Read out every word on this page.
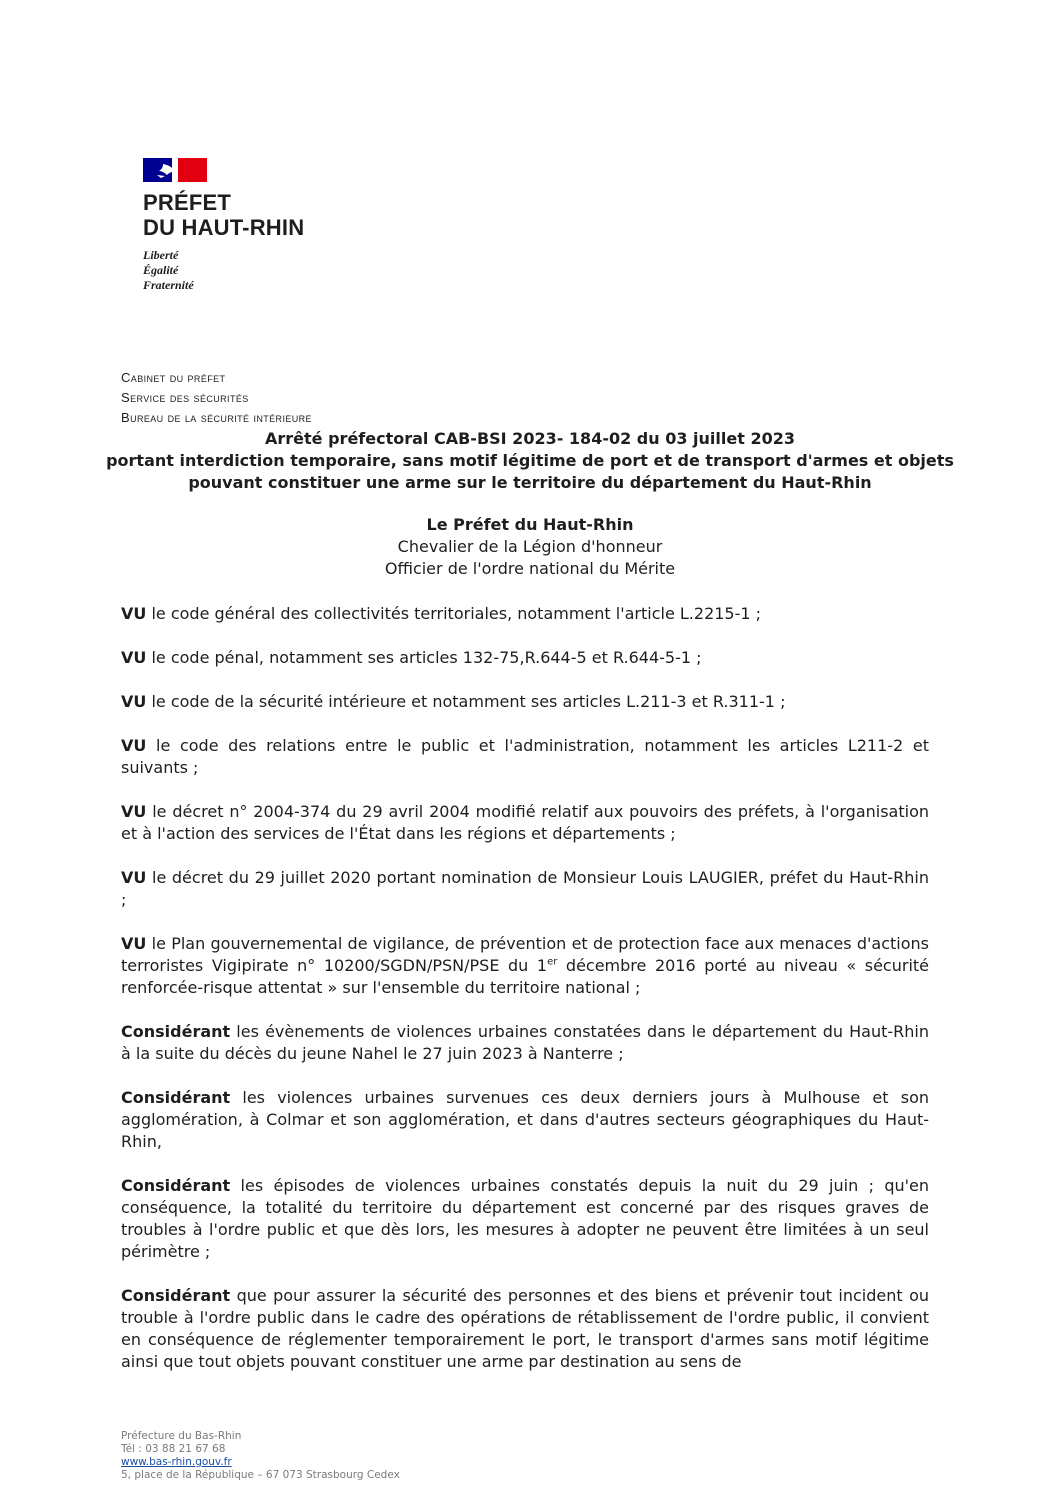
PRÉFET
DU HAUT-RHIN
Liberté
Égalité
Fraternité
Cabinet du préfet
Service des sécurités
Bureau de la sécurité intérieure
Arrêté préfectoral CAB-BSI 2023- 184-02 du 03 juillet 2023
portant interdiction temporaire, sans motif légitime de port et de transport d'armes et objets
pouvant constituer une arme sur le territoire du département du Haut-Rhin
Le Préfet du Haut-Rhin
Chevalier de la Légion d'honneur
Officier de l'ordre national du Mérite

VU le code général des collectivités territoriales, notamment l'article L.2215-1 ;

VU le code pénal, notamment ses articles 132-75,R.644-5 et R.644-5-1 ;

VU le code de la sécurité intérieure et notamment ses articles L.211-3 et R.311-1 ;

VU le code des relations entre le public et l'administration, notamment les articles L211-2 et suivants ;

VU le décret n° 2004-374 du 29 avril 2004 modifié relatif aux pouvoirs des préfets, à l'organisation et à l'action des services de l'État dans les régions et départements ;

VU le décret du 29 juillet 2020 portant nomination de Monsieur Louis LAUGIER, préfet du Haut-Rhin ;

VU le Plan gouvernemental de vigilance, de prévention et de protection face aux menaces d'actions terroristes Vigipirate n° 10200/SGDN/PSN/PSE du 1er décembre 2016 porté au niveau « sécurité renforcée-risque attentat » sur l'ensemble du territoire national ;

Considérant les évènements de violences urbaines constatées dans le département du Haut-Rhin à la suite du décès du jeune Nahel le 27 juin 2023 à Nanterre ;

Considérant les violences urbaines survenues ces deux derniers jours à Mulhouse et son agglomération, à Colmar et son agglomération, et dans d'autres secteurs géographiques du Haut-Rhin,

Considérant les épisodes de violences urbaines constatés depuis la nuit du 29 juin ; qu'en conséquence, la totalité du territoire du département est concerné par des risques graves de troubles à l'ordre public et que dès lors, les mesures à adopter ne peuvent être limitées à un seul périmètre ;

Considérant que pour assurer la sécurité des personnes et des biens et prévenir tout incident ou trouble à l'ordre public dans le cadre des opérations de rétablissement de l'ordre public, il convient en conséquence de réglementer temporairement le port, le transport d'armes sans motif légitime ainsi que tout objets pouvant constituer une arme par destination au sens de

Préfecture du Bas-Rhin
Tél : 03 88 21 67 68
www.bas-rhin.gouv.fr
5, place de la République – 67 073 Strasbourg Cedex
